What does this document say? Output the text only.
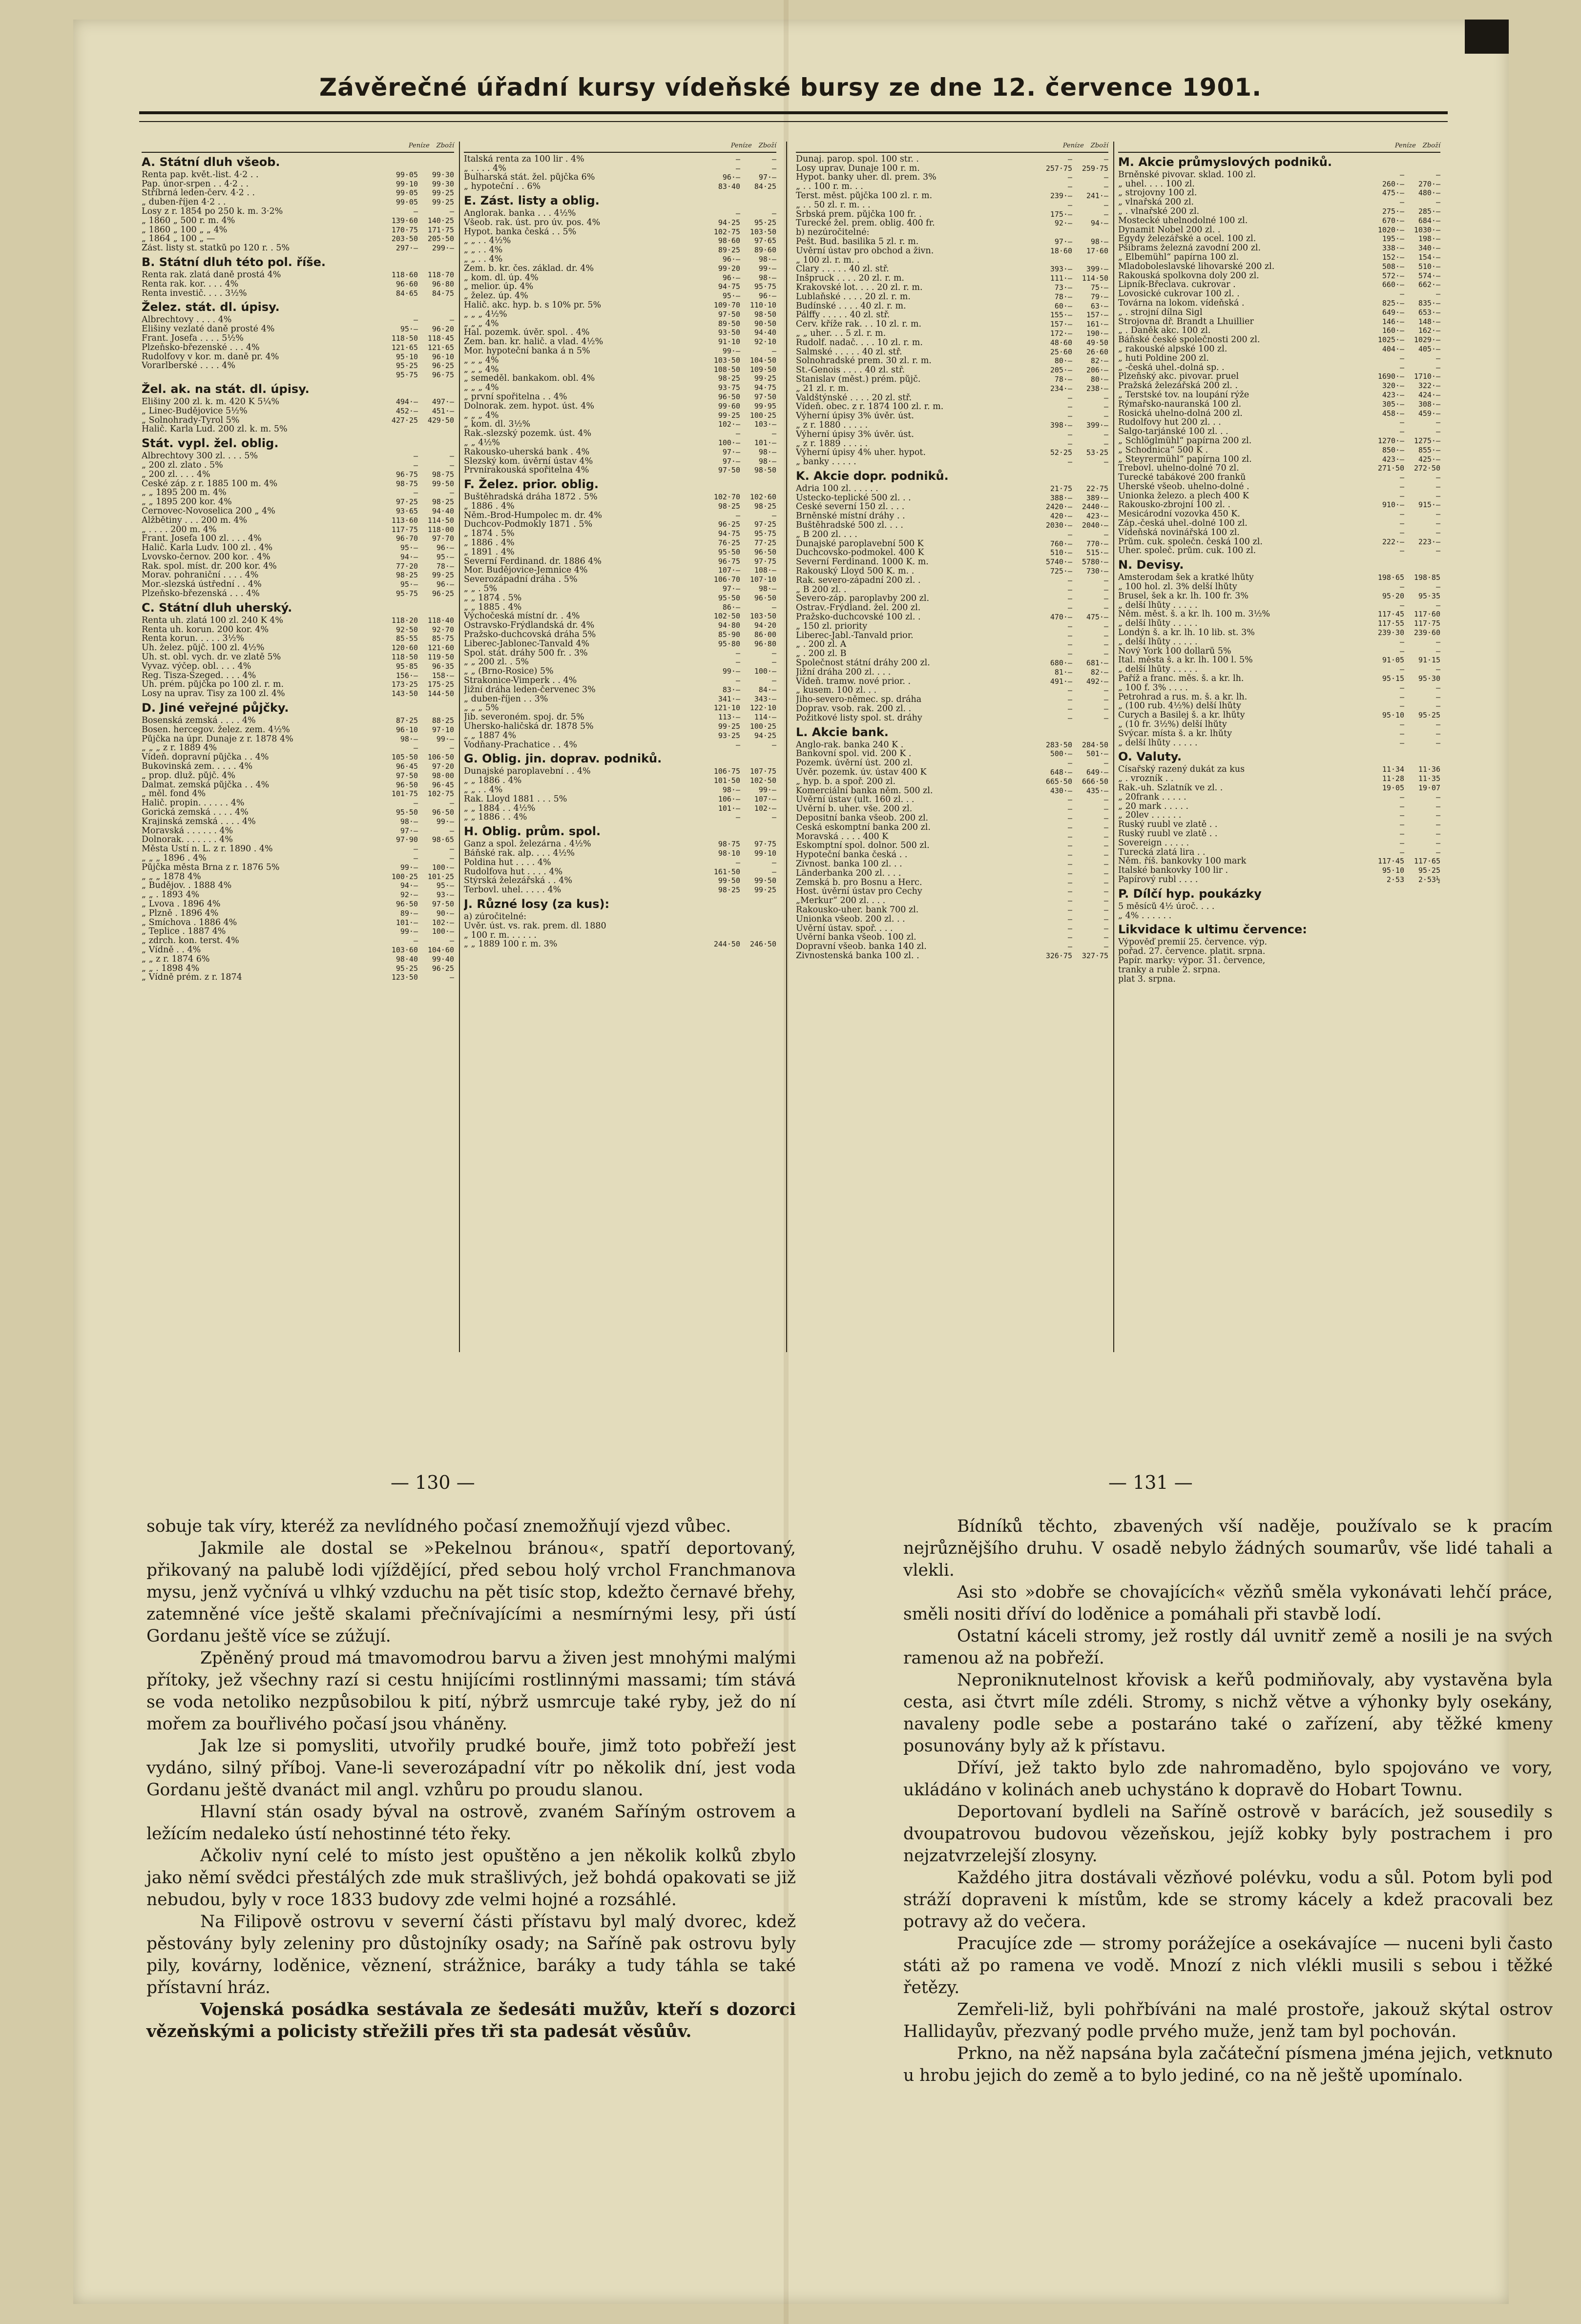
Závěrečné úřadní kursy vídeňské bursy ze dne 12. července 1901.
Peníze Zboží
A. Státní dluh všeob.
Renta pap. květ.-list. 4·2 . .	99·05	99·30
Pap. únor-srpen . . 4·2 . .	99·10	99·30
Stříbrná leden-červ. 4·2 . .	99·05	99·25
„ duben-říjen 4·2 . .	99·05	99·25
Losy z r. 1854 po 250 k. m. 3·2%	—	—
„ 1860 „ 500 r. m. 4%	139·60	140·25
„ 1860 „ 100 „ „ 4%	170·75	171·75
„ 1864 „ 100 „ —	203·50	205·50
Zást. listy st. statků po 120 r. . 5%	297·—	299·—
B. Státní dluh této pol. říše.
Renta rak. zlatá daně prostá 4%	118·60	118·70
Renta rak. kor. . . . 4%	96·60	96·80
Renta investič. . . . 3½%	84·65	84·75
Želez. stát. dl. úpisy.
Albrechtovy . . . . 4%	—	—
Elišiny vezlaté daně prosté 4%	95·—	96·20
Frant. Josefa . . . . 5½%	118·50	118·45
Plzeňsko-březenské . . . 4%	121·65	121·65
Rudolfovy v kor. m. daně pr. 4%	95·10	96·10
Vorarlberské . . . . 4%	95·25	96·25
95·75	96·75
Žel. ak. na stát. dl. úpisy.
Elišiny 200 zl. k. m. 420 K 5¼%	494·—	497·—
„ Linec-Budějovice 5½%	452·—	451·—
„ Solnohrady-Tyrol 5%	427·25	429·50
Halič. Karla Lud. 200 zl. k. m. 5%
Stát. vypl. žel. oblig.
Albrechtovy 300 zl. . . . 5%	—	—
„ 200 zl. zlato . 5%	—	—
„ 200 zl. . . . 4%	96·75	98·75
České záp. z r. 1885 100 m. 4%	98·75	99·50
„ „ 1895 200 m. 4%	—	—
„ „ 1895 200 kor. 4%	97·25	98·25
Černovec-Novoselica 200 „ 4%	93·65	94·40
Alžbětiny . . . 200 m. 4%	113·60	114·50
„ . . . . 200 m. 4%	117·75	118·00
Frant. Josefa 100 zl. . . . 4%	96·70	97·70
Halič. Karla Ludv. 100 zl. . 4%	95·—	96·—
Lvovsko-černov. 200 kor. . 4%	94·—	95·—
Rak. spol. míst. dr. 200 kor. 4%	77·20	78·—
Morav. pohraniční . . . . 4%	98·25	99·25
Mor.-slezská ústřední . . 4%	95·—	96·—
Plzeňsko-březenská . . . 4%	95·75	96·25
C. Státní dluh uherský.
Renta uh. zlatá 100 zl. 240 K 4%	118·20	118·40
Renta uh. korun. 200 kor. 4%	92·50	92·70
Renta korun. . . . . 3½%	85·55	85·75
Uh. želez. půjč. 100 zl. 4½%	120·60	121·60
Uh. st. obl. vych. dr. ve zlatě 5%	118·50	119·50
Vyvaz. výčep. obl. . . . 4%	95·85	96·35
Reg. Tisza-Szeged. . . . 4%	156·—	158·—
Uh. prém. půjčka po 100 zl. r. m.	173·25	175·25
Losy na uprav. Tisy za 100 zl. 4%	143·50	144·50
D. Jiné veřejné půjčky.
Bosenská zemská . . . . 4%	87·25	88·25
Bosen. hercegov. želez. zem. 4½%	96·10	97·10
Půjčka na úpr. Dunaje z r. 1878 4%	98·—	99·—
„ „ „ z r. 1889 4%	—	—
Vídeň. dopravní půjčka . . 4%	105·50	106·50
Bukovinská zem. . . . . 4%	96·45	97·20
„ prop. dluž. půjč. 4%	97·50	98·00
Dalmat. zemská půjčka . . 4%	96·50	96·45
„ měl. fond 4%	101·75	102·75
Halič. propin. . . . . . 4%	—	—
Gorická zemská . . . . 4%	95·50	96·50
Krajinská zemská . . . . 4%	98·—	99·—
Moravská . . . . . . 4%	97·—	—
Dolnorak. . . . . . . 4%	97·90	98·65
Města Ústí n. L. z r. 1890 . 4%	—	—
„ „ „ 1896 . 4%	—	—
Půjčka města Brna z r. 1876 5%	99·—	100·—
„ „ „ 1878 4%	100·25	101·25
„ Budějov. . 1888 4%	94·—	95·—
„ „ . 1893 4%	92·—	93·—
„ Lvova . 1896 4%	96·50	97·50
„ Plzně . 1896 4%	89·—	90·—
„ Smíchova . 1886 4%	101·—	102·—
„ Teplice . 1887 4%	99·—	100·—
„ zdrch. kon. terst. 4%	—	—
„ Vídně . . 4%	103·60	104·60
„ „ z r. 1874 6%	98·40	99·40
„ „ . 1898 4%	95·25	96·25
„ Vídně prém. z r. 1874	123·50	—
Peníze Zboží
Italská renta za 100 lir . 4%	—	—
„ . . . . 4%	—	—
Bulharská stát. žel. půjčka 6%	96·—	97·—
„ hypoteční . . 6%	83·40	84·25
E. Zást. listy a oblig.
Anglorak. banka . . . 4½%	—	—
Všeob. rak. úst. pro úv. pos. 4%	94·25	95·25
Hypot. banka česká . . 5%	102·75	103·50
„ „ . . 4½%	98·60	97·65
„ „ . . 4%	89·25	89·60
„ „ . . 4%	96·—	98·—
Zem. b. kr. čes. základ. dr. 4%	99·20	99·—
„ kom. dl. úp. 4%	96·—	98·—
„ melior. úp. 4%	94·75	95·75
„ želez. úp. 4%	95·—	96·—
Halič. akc. hyp. b. s 10% pr. 5%	109·70	110·10
„ „ „ 4½%	97·50	98·50
„ „ „ 4%	89·50	90·50
Hal. pozemk. úvěr. spol. . 4%	93·50	94·40
Zem. ban. kr. halič. a vlad. 4½%	91·10	92·10
Mor. hypoteční banka á n 5%	99·—	—
„ „ „ 4%	103·50	104·50
„ „ „ 4%	108·50	109·50
„ semeděl. bankakom. obl. 4%	98·25	99·25
„ „ „ 4%	93·75	94·75
„ první spořitelna . . 4%	96·50	97·50
Dolnorak. zem. hypot. úst. 4%	99·60	99·95
„ „ „ 4%	99·25	100·25
„ kom. dl. 3½%	102·—	103·—
Rak.-slezský pozemk. úst. 4%	—	—
„ „ 4½%	100·—	101·—
Rakousko-uherská bank . 4%	97·—	98·—
Slezský kom. úvěrní ústav 4%	97·—	98·—
Prvnírakouská spořitelna 4%	97·50	98·50
F. Želez. prior. oblig.
Buštěhradská dráha 1872 . 5%	102·70	102·60
„ 1886 . 4%	98·25	98·25
Něm.-Brod-Humpolec m. dr. 4%	—	—
Duchcov-Podmokly 1871 . 5%	96·25	97·25
„ 1874 . 5%	94·75	95·75
„ 1886 . 4%	76·25	77·25
„ 1891 . 4%	95·50	96·50
Severní Ferdinand. dr. 1886 4%	96·75	97·75
Mor. Budějovice-Jemnice 4%	107·—	108·—
Severozápadní dráha . 5%	106·70	107·10
„ „ . 5%	97·—	98·—
„ „ 1874 . 5%	95·50	96·50
„ „ 1885 . 4%	86·—	—
Výchočeská místní dr. . 4%	102·50	103·50
Ostravsko-Frýdlandská dr. 4%	94·80	94·20
Pražsko-duchcovská dráha 5%	85·90	86·00
Liberec-Jablonec-Tanvald 4%	95·80	96·80
Spol. stát. dráhy 500 fr. . 3%	—	—
„ „ 200 zl. . 5%	—	—
„ „ (Brno-Rosice) 5%	99·—	100·—
Strakonice-Vimperk . . 4%	—	—
Jižní dráha leden-červenec 3%	83·—	84·—
„ duben-říjen . . 3%	341·—	343·—
„ „ „ 5%	121·10	122·10
Jib. severoném. spoj. dr. 5%	113·—	114·—
Uhersko-haličská dr. 1878 5%	99·25	100·25
„ „ 1887 4%	93·25	94·25
Vodňany-Prachatice . . 4%	—	—
G. Oblig. jin. doprav. podniků.
Dunajské paroplavební . . 4%	106·75	107·75
„ „ 1886 . 4%	101·50	102·50
„ „ . . 4%	98·—	99·—
Rak. Lloyd 1881 . . . 5%	106·—	107·—
„ „ 1884 . . 4½%	101·—	102·—
„ „ 1886 . . 4%	—	—
H. Oblig. prům. spol.
Ganz a spol. železárna . 4½%	98·75	97·75
Báňské rak. alp. . . . 4½%	98·10	99·10
Poldina hut . . . . 4%	—	—
Rudolfova hut . . . . 4%	161·50	—
Štýrská železářská . . 4%	99·50	99·50
Terbovl. uhel. . . . . 4%	98·25	99·25
J. Různé losy (za kus):
a) zúročitelné:
Úvěr. úst. vs. rak. prem. dl. 1880
„ 100 r. m. . . . . .
„ „ 1889 100 r. m. 3%	244·50	246·50
Peníze Zboží
Dunaj. parop. spol. 100 str. .	—	—
Losy uprav. Dunaje 100 r. m.	257·75	259·75
Hypot. banky uher. dl. prem. 3%	—	—
„ . . 100 r. m. . .	—	—
Terst. měst. půjčka 100 zl. r. m.	239·—	241·—
„ . . 50 zl. r. m. . .	—	—
Srbská prem. půjčka 100 fr. .	175·—	—
Turecké žel. prem. oblig. 400 fr.	92·—	94·—
b) nezúročitelné:
Pešt. Bud. basilika 5 zl. r. m.	97·—	98·—
Úvěrní ústav pro obchod a živn.	18·60	17·60
„ 100 zl. r. m. .
Clary . . . . . 40 zl. stř.	393·—	399·—
Inšpruck . . . . 20 zl. r. m.	111·—	114·50
Krakovské lot. . . . 20 zl. r. m.	73·—	75·—
Lublaňské . . . . 20 zl. r. m.	78·—	79·—
Budínské . . . . 40 zl. r. m.	60·—	63·—
Pálffy . . . . . 40 zl. stř.	155·—	157·—
Červ. kříže rak. . . 10 zl. r. m.	157·—	161·—
„ „ uher. . . 5 zl. r. m.	172·—	190·—
Rudolf. nadač. . . . 10 zl. r. m.	48·60	49·50
Salmské . . . . . 40 zl. stř.	25·60	26·60
Solnohradské prem. 30 zl. r. m.	80·—	82·—
St.-Genois . . . . 40 zl. stř.	205·—	206·—
Stanislav (měst.) prém. půjč.	78·—	80·—
„ 21 zl. r. m.	234·—	238·—
Valdštýnské . . . . 20 zl. stř.	—	—
Vídeň. obec. z r. 1874 100 zl. r. m.	—	—
Výherní úpisy 3% úvěr. úst.	—	—
„ z r. 1880 . . . . .	398·—	399·—
Výherní úpisy 3% úvěr. úst.	—	—
„ z r. 1889 . . . . .	—	—
Výherní úpisy 4% uher. hypot.	52·25	53·25
„ banky . . . . .	—	—
K. Akcie dopr. podniků.
Adria 100 zl. . . . . .	21·75	22·75
Ústecko-teplické 500 zl. . .	388·—	389·—
České severní 150 zl. . . .	2420·—	2440·—
Brněnské místní dráhy . .	420·—	423·—
Buštěhradské 500 zl. . . .	2030·—	2040·—
„ B 200 zl. . . .	—	—
Dunajské paroplavební 500 K	760·—	770·—
Duchcovsko-podmokel. 400 K	510·—	515·—
Severní Ferdinand. 1000 K. m.	5740·—	5780·—
Rakouský Lloyd 500 K. m. .	725·—	730·—
Rak. severo-západní 200 zl. .	—	—
„ B 200 zl. .	—	—
Severo-záp. paroplavby 200 zl.	—	—
Ostrav.-Frýdland. žel. 200 zl.	—	—
Pražsko-duchcovské 100 zl. .	470·—	475·—
„ 150 zl. priority	—	—
Liberec-Jabl.-Tanvald prior.	—	—
„ . 200 zl. A	—	—
„ . 200 zl. B	—	—
Společnost státní dráhy 200 zl.	680·—	681·—
Jižní dráha 200 zl. . . .	81·—	82·—
Vídeň. tramw. nové prior. .	491·—	492·—
„ kusem. 100 zl. . .	—	—
Jiho-severo-němec. sp. dráha	—	—
Doprav. vsob. rak. 200 zl. .	—	—
Požitkové listy spol. st. dráhy	—	—
L. Akcie bank.
Anglo-rak. banka 240 K .	283·50	284·50
Bankovní spol. vid. 200 K .	500·—	501·—
Pozemk. úvěrní úst. 200 zl.	—	—
Úvěr. pozemk. úv. ústav 400 K	648·—	649·—
„ hyp. b. a spoř. 200 zl.	665·50	666·50
Komerciální banka něm. 500 zl.	430·—	435·—
Úvěrní ústav (ult. 160 zl. . .	—	—
Úvěrní b. uher. vše. 200 zl.	—	—
Depositní banka všeob. 200 zl.	—	—
Česká eskomptní banka 200 zl.	—	—
Moravská . . . . 400 K	—	—
Eskomptní spol. dolnor. 500 zl.	—	—
Hypoteční banka česká . .	—	—
Živnost. banka 100 zl. . .	—	—
Länderbanka 200 zl. . . .	—	—
Zemská b. pro Bosnu a Herc.	—	—
Host. úvěrní ústav pro Čechy	—	—
„Merkur“ 200 zl. . . .	—	—
Rakousko-uher. bank 700 zl.	—	—
Unionka všeob. 200 zl. . .	—	—
Úvěrní ústav. spoř. . . .	—	—
Úvěrní banka všeob. 100 zl.	—	—
Dopravní všeob. banka 140 zl.	—	—
Živnostenská banka 100 zl. .	326·75	327·75
Peníze Zboží
M. Akcie průmyslových podniků.
Brněnské pivovar. sklad. 100 zl.	—	—
„ uhel. . . . 100 zl.	260·—	270·—
„ strojovny 100 zl.	475·—	480·—
„ vlnařská 200 zl.	—	—
„ . vlnařské 200 zl.	275·—	285·—
Mostecké uhelnodolné 100 zl.	670·—	684·—
Dynamit Nobel 200 zl. .	1020·—	1030·—
Egydy železářské a ocel. 100 zl.	195·—	198·—
Pšibrams železná zavodní 200 zl.	338·—	340·—
„ Elbemühl“ papírna 100 zl.	152·—	154·—
Mladoboleslavské lihovarské 200 zl.	508·—	510·—
Rakouská spolkovna doly 200 zl.	572·—	574·—
Lipník-Břeclava. cukrovar .	660·—	662·—
Lovosické cukrovar 100 zl. .	—	—
Továrna na lokom. vídeňská .	825·—	835·—
„ . strojní dílna Sigl	649·—	653·—
Strojovna dř. Brandt a Lhuillier	146·—	148·—
„ . Daněk akc. 100 zl.	160·—	162·—
Báňské české společnosti 200 zl.	1025·—	1029·—
„ rakouské alpské 100 zl.	404·—	405·—
„ huti Poldine 200 zl.	—	—
„ -česká uhel.-dolná sp. .	—	—
Plzeňský akc. pivovar. pruel	1690·—	1710·—
Pražská železářská 200 zl. .	320·—	322·—
„ Terstské tov. na loupání rýže	423·—	424·—
Rýmařsko-nauranská 100 zl.	305·—	308·—
Rosická uhelno-dolná 200 zl.	458·—	459·—
Rudolfovy hut 200 zl. . .	—	—
Šalgo-tarjánské 100 zl. . .	—	—
„ Schlöglmühl“ papírna 200 zl.	1270·—	1275·—
„ Schodnica“ 500 K .	850·—	855·—
„ Steyrermühl“ papírna 100 zl.	423·—	425·—
Trebovl. uhelno-dolné 70 zl.	271·50	272·50
Turecké tabákové 200 franků	—	—
Uherské všeob. uhelno-dolné .	—	—
Unionka železo. a plech 400 K	—	—
Rakousko-zbrojní 100 zl. .	910·—	915·—
Mesicárodní vozovka 450 K.	—	—
Záp.-česká uhel.-dolné 100 zl.	—	—
Vídeňská novinářská 100 zl.	—	—
Prům. cuk. společn. česká 100 zl.	222·—	223·—
Uher. společ. prům. cuk. 100 zl.	—	—
N. Devisy.
Amsterodam šek a kratké lhůty	198·65	198·85
„ 100 hol. zl. 3% delší lhůty	—	—
Brusel, šek a kr. lh. 100 fr. 3%	95·20	95·35
„ delší lhůty . . . . .	—	—
Něm. měst. š. a kr. lh. 100 m. 3½%	117·45	117·60
„ delší lhůty . . . . .	117·55	117·75
Londýn š. a kr. lh. 10 lib. st. 3%	239·30	239·60
„ delší lhůty . . . . .	—	—
Nový York 100 dollarů 5%	—	—
Ital. města š. a kr. lh. 100 l. 5%	91·05	91·15
„ delší lhůty . . . . .	—	—
Paříž a franc. měs. š. a kr. lh.	95·15	95·30
„ 100 f. 3% . . . .	—	—
Petrohrad a rus. m. š. a kr. lh.	—	—
„ (100 rub. 4½%) delší lhůty	—	—
Curych a Basilej š. a kr. lhůty	95·10	95·25
„ (10 fr. 3½%) delší lhůty	—	—
Švýcar. místa š. a kr. lhůty	—	—
„ delší lhůty . . . . .	—	—
O. Valuty.
Císařský razený dukát za kus	11·34	11·36
„ . vrozník . .	11·28	11·35
Rak.-uh. Szlatník ve zl. .	19·05	19·07
„ 20frank . . . . .	—	—
„ 20 mark . . . . .	—	—
„ 20lev . . . . . .	—	—
Ruský ruubl ve zlatě . .	—	—
Ruský ruubl ve zlatě . .	—	—
Sovereign . . . . .	—	—
Turecká zlatá lira . .	—	—
Něm. říš. bankovky 100 mark	117·45	117·65
Italské bankovky 100 lir .	95·10	95·25
Papírový rubl . . . .	2·53	2·53½
P. Dílčí hyp. poukázky
5 měsíců 4½ úroč. . . .
„ 4% . . . . . .
Likvidace k ultimu července:
Výpověď premií 25. července. výp.
pořad. 27. července. platit. srpna.
Papír. marky: výpor. 31. července,
tranky a ruble 2. srpna.
plat 3. srpna.
— 130 —	— 131 —

sobuje tak víry, kteréž za nevlídného počasí znemožňují vjezd vůbec.

Jakmile ale dostal se »Pekelnou bránou«, spatří deportovaný, přikovaný na palubě lodi vjíždějící, před sebou holý vrchol Franchmanova mysu, jenž vyčnívá u vlhký vzduchu na pět tisíc stop, kdežto černavé břehy, zatemněné více ještě skalami přečnívajícími a nesmírnými lesy, při ústí Gordanu ještě více se zúžují.

Zpěněný proud má tmavomodrou barvu a živen jest mnohými malými přítoky, jež všechny razí si cestu hnijícími rostlinnými massami; tím stává se voda netoliko nezpůsobilou k pití, nýbrž usmrcuje také ryby, jež do ní mořem za bouřlivého počasí jsou vháněny.

Jak lze si pomysliti, utvořily prudké bouře, jimž toto pobřeží jest vydáno, silný příboj. Vane-li severozápadní vítr po několik dní, jest voda Gordanu ještě dvanáct mil angl. vzhůru po proudu slanou.

Hlavní stán osady býval na ostrově, zvaném Saříným ostrovem a ležícím nedaleko ústí nehostinné této řeky.

Ačkoliv nyní celé to místo jest opuštěno a jen několik kolků zbylo jako němí svědci přestálých zde muk strašlivých, jež bohdá opakovati se již nebudou, byly v roce 1833 budovy zde velmi hojné a rozsáhlé.

Na Filipově ostrovu v severní části přístavu byl malý dvorec, kdež pěstovány byly zeleniny pro důstojníky osady; na Saříně pak ostrovu byly pily, kovárny, loděnice, věznení, strážnice, baráky a tudy táhla se také přístavní hráz.

Vojenská posádka sestávala ze šedesáti mužův, kteří s dozorci vězeňskými a policisty střežili přes tři sta padesát věsůův.

Bídníků těchto, zbavených vší naděje, používalo se k pracím nejrůznějšího druhu. V osadě nebylo žádných soumarův, vše lidé tahali a vlekli.

Asi sto »dobře se chovajících« vězňů směla vykonávati lehčí práce, směli nositi dříví do loděnice a pomáhali při stavbě lodí.

Ostatní káceli stromy, jež rostly dál uvnitř země a nosili je na svých ramenou až na pobřeží.

Neproniknutelnost křovisk a keřů podmiňovaly, aby vystavěna byla cesta, asi čtvrt míle zdéli. Stromy, s nichž větve a výhonky byly osekány, navaleny podle sebe a postaráno také o zařízení, aby těžké kmeny posunovány byly až k přístavu.

Dříví, jež takto bylo zde nahromaděno, bylo spojováno ve vory, ukládáno v kolinách aneb uchystáno k dopravě do Hobart Townu.

Deportovaní bydleli na Saříně ostrově v barácích, jež sousedily s dvoupatrovou budovou vězeňskou, jejíž kobky byly postrachem i pro nejzatvrzelejší zlosyny.

Každého jitra dostávali vězňové polévku, vodu a sůl. Potom byli pod stráží dopraveni k místům, kde se stromy kácely a kdež pracovali bez potravy až do večera.

Pracujíce zde — stromy porážejíce a osekávajíce — nuceni byli často státi až po ramena ve vodě. Mnozí z nich vlékli musili s sebou i těžké řetězy.

Zemřeli-liž, byli pohřbíváni na malé prostoře, jakouž skýtal ostrov Hallidayův, přezvaný podle prvého muže, jenž tam byl pochován.

Prkno, na něž napsána byla začáteční písmena jména jejich, vetknuto u hrobu jejich do země a to bylo jediné, co na ně ještě upomínalo.
